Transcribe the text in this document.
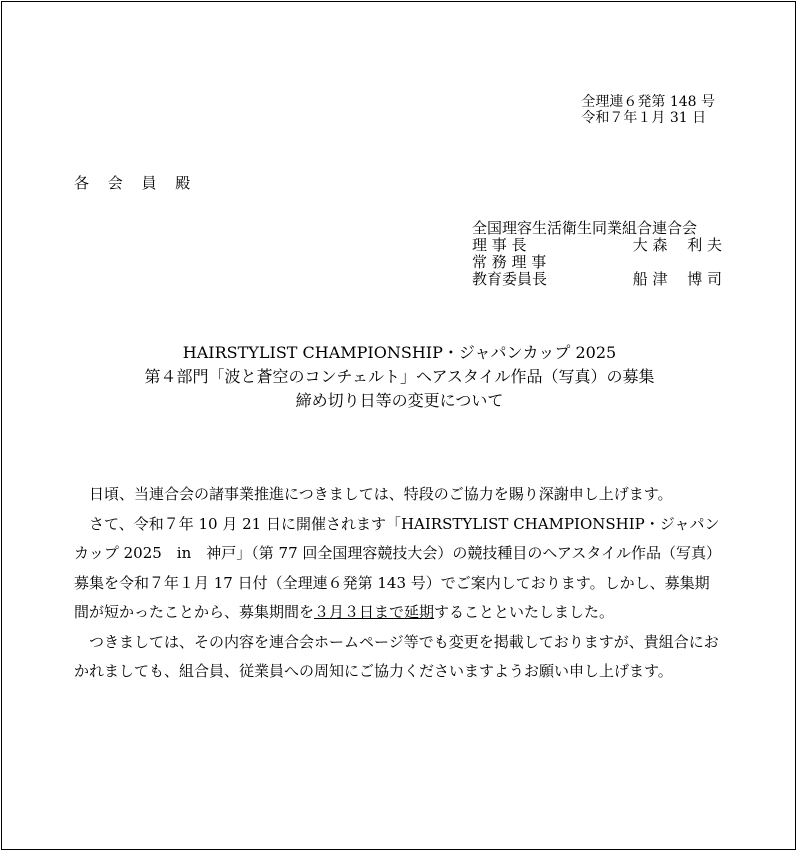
全理連６発第 148 号
令和７年１月 31 日
各 会 員 殿
全国理容生活衛生同業組合連合会
理 事 長	大 森　 利 夫
常 務 理 事
教育委員長	船 津　 博 司
HAIRSTYLIST CHAMPIONSHIP・ジャパンカップ 2025
第４部門「波と蒼空のコンチェルト」ヘアスタイル作品（写真）の募集
締め切り日等の変更について

日頃、当連合会の諸事業推進につきましては、特段のご協力を賜り深謝申し上げます。

さて、令和７年 10 月 21 日に開催されます「HAIRSTYLIST CHAMPIONSHIP・ジャパンカップ 2025　in　神戸」（第 77 回全国理容競技大会）の競技種目のヘアスタイル作品（写真）募集を令和７年１月 17 日付（全理連６発第 143 号）でご案内しております。しかし、募集期間が短かったことから、募集期間を３月３日まで延期することといたしました。

つきましては、その内容を連合会ホームページ等でも変更を掲載しておりますが、貴組合におかれましても、組合員、従業員への周知にご協力くださいますようお願い申し上げます。
